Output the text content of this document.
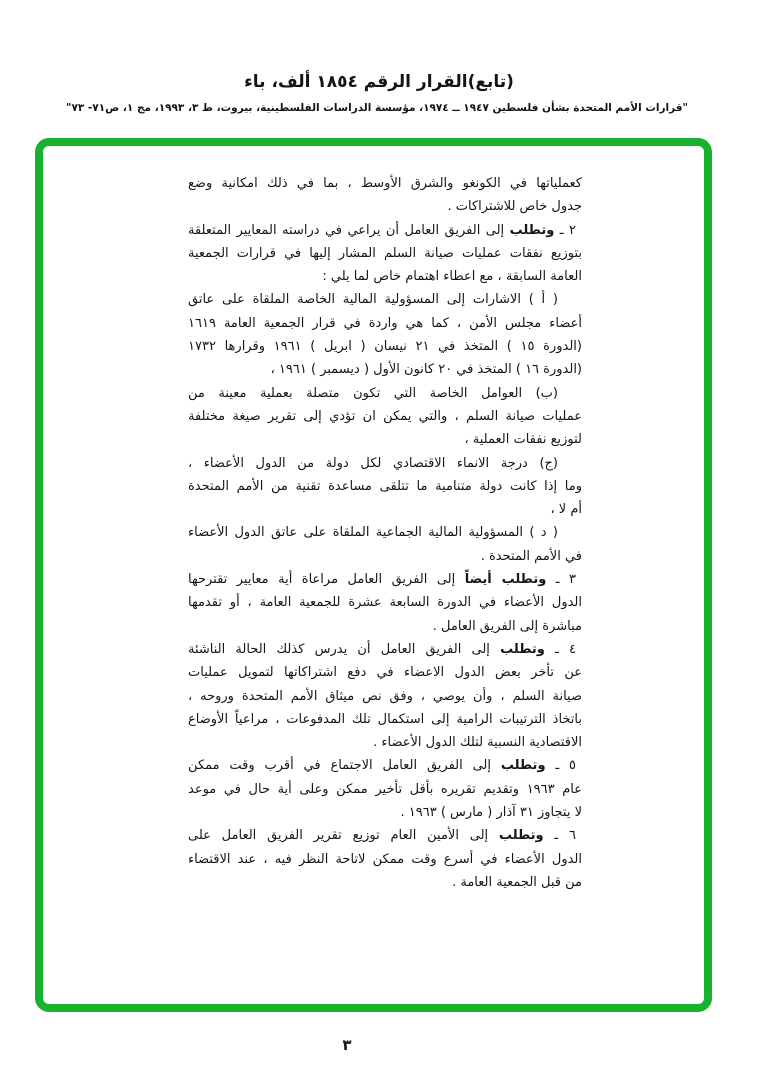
(تابع)القرار الرقم ١٨٥٤ ألف، باء
"قرارات الأمم المتحدة بشأن فلسطين ١٩٤٧ ــ ١٩٧٤، مؤسسة الدراسات الفلسطينية، بيروت، ط ٣، ١٩٩٣، مج ١، ص٧١- ٧٣"
كعملياتها في الكونغو والشرق الأوسط ، بما في ذلك امكانية وضع
جدول خاص للاشتراكات .
٢ ـ وتطلب إلى الفريق العامل أن يراعي في دراسته المعايير المتعلقة
بتوزيع نفقات عمليات صيانة السلم المشار إليها في قرارات الجمعية
العامة السابقة ، مع اعطاء اهتمام خاص لما يلي :
( أ ) الاشارات إلى المسؤولية المالية الخاصة الملقاة على عاتق
أعضاء مجلس الأمن ، كما هي واردة في قرار الجمعية العامة ١٦١٩
(الدورة ١٥ ) المتخذ في ٢١ نيسان ( ابريل ) ١٩٦١ وقرارها ١٧٣٢
(الدورة ١٦ ) المتخذ في ٢٠ كانون الأول ( ديسمبر ) ١٩٦١ ،
(ب) العوامل الخاصة التي تكون متصلة بعملية معينة من
عمليات صيانة السلم ، والتي يمكن ان تؤدي إلى تقرير صيغة مختلفة
لتوزيع نفقات العملية ،
(ج) درجة الانماء الاقتصادي لكل دولة من الدول الأعضاء ،
وما إذا كانت دولة متنامية ما تتلقى مساعدة تقنية من الأمم المتحدة
أم لا ،
( د ) المسؤولية المالية الجماعية الملقاة على عاتق الدول الأعضاء
في الأمم المتحدة .
٣ ـ وتطلب أيضاً إلى الفريق العامل مراعاة أية معايير تقترحها
الدول الأعضاء في الدورة السابعة عشرة للجمعية العامة ، أو تقدمها
مباشرة إلى الفريق العامل .
٤ ـ وتطلب إلى الفريق العامل أن يدرس كذلك الحالة الناشئة
عن تأخر بعض الدول الاعضاء في دفع اشتراكاتها لتمويل عمليات
صيانة السلم ، وأن يوصي ، وفق نص ميثاق الأمم المتحدة وروحه ،
باتخاذ الترتيبات الرامية إلى استكمال تلك المدفوعات ، مراعياً الأوضاع
الاقتصادية النسبية لتلك الدول الأعضاء .
٥ ـ وتطلب إلى الفريق العامل الاجتماع في أقرب وقت ممكن
عام ١٩٦٣ وتقديم تقريره بأقل تأخير ممكن وعلى أية حال في موعد
لا يتجاوز ٣١ آذار ( مارس ) ١٩٦٣ .
٦ ـ وتطلب إلى الأمين العام توزيع تقرير الفريق العامل على
الدول الأعضاء في أسرع وقت ممكن لاتاحة النظر فيه ، عند الاقتضاء
من قبل الجمعية العامة .
٣
